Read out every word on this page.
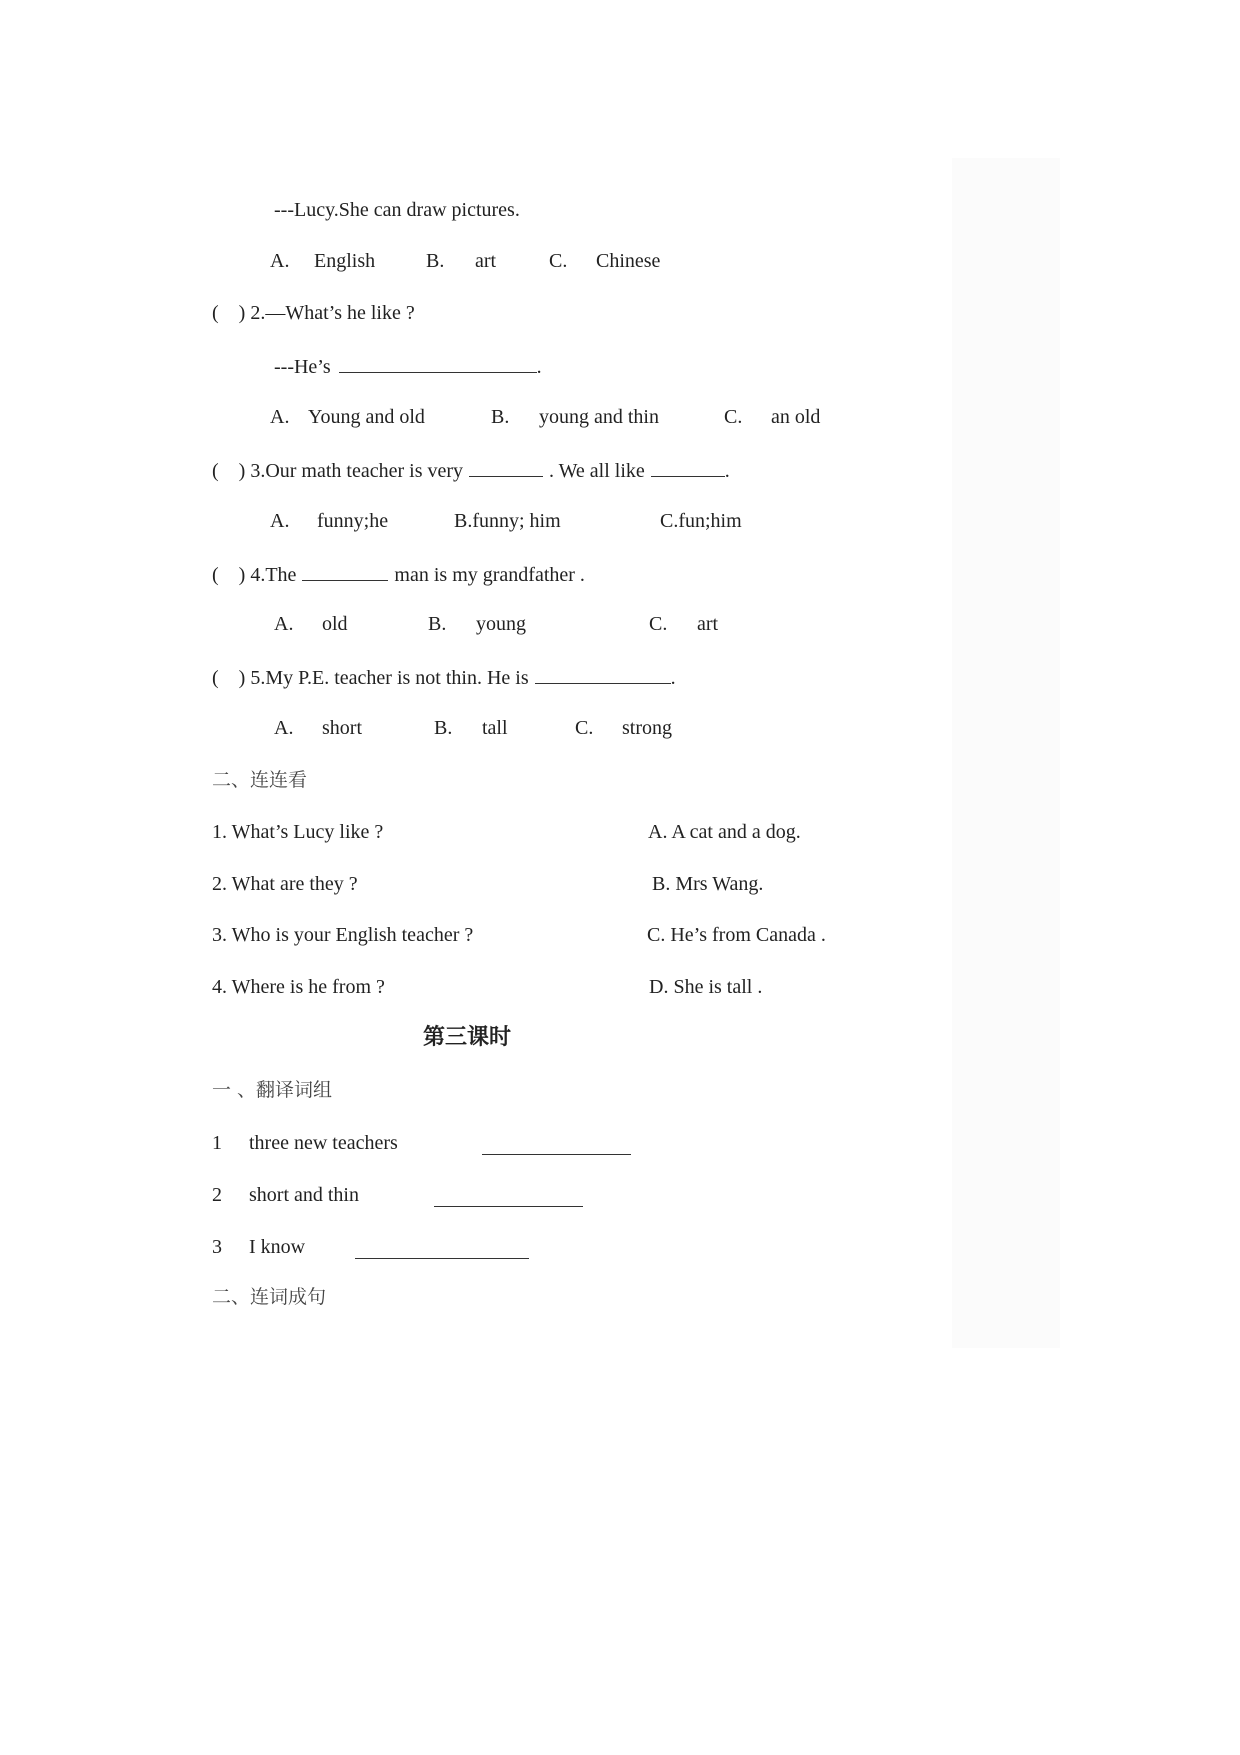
---Lucy.She can draw pictures.
A.	English	B.	art	C.	Chinese
(    ) 2.—What’s he like ?
---He’s	.
A. Young and old	B.	young and thin	C.	an old
(    ) 3.Our math teacher is very	. We all like	.
A.	funny;he	B.funny; him	C.fun;him
(    ) 4.The	man is my grandfather .
A.	old	B.	young	C.	art
(    ) 5.My P.E. teacher is not thin. He is	.
A.	short	B.	tall	C.	strong
二、连连看
1. What’s Lucy like ?	A. A cat and a dog.
2. What are they ?	B. Mrs Wang.
3. Who is your English teacher ?	C. He’s from Canada .
4. Where is he from ?	D. She is tall .
第三课时
一 、翻译词组
1 three new teachers
2 short and thin
3 I know
二、连词成句
